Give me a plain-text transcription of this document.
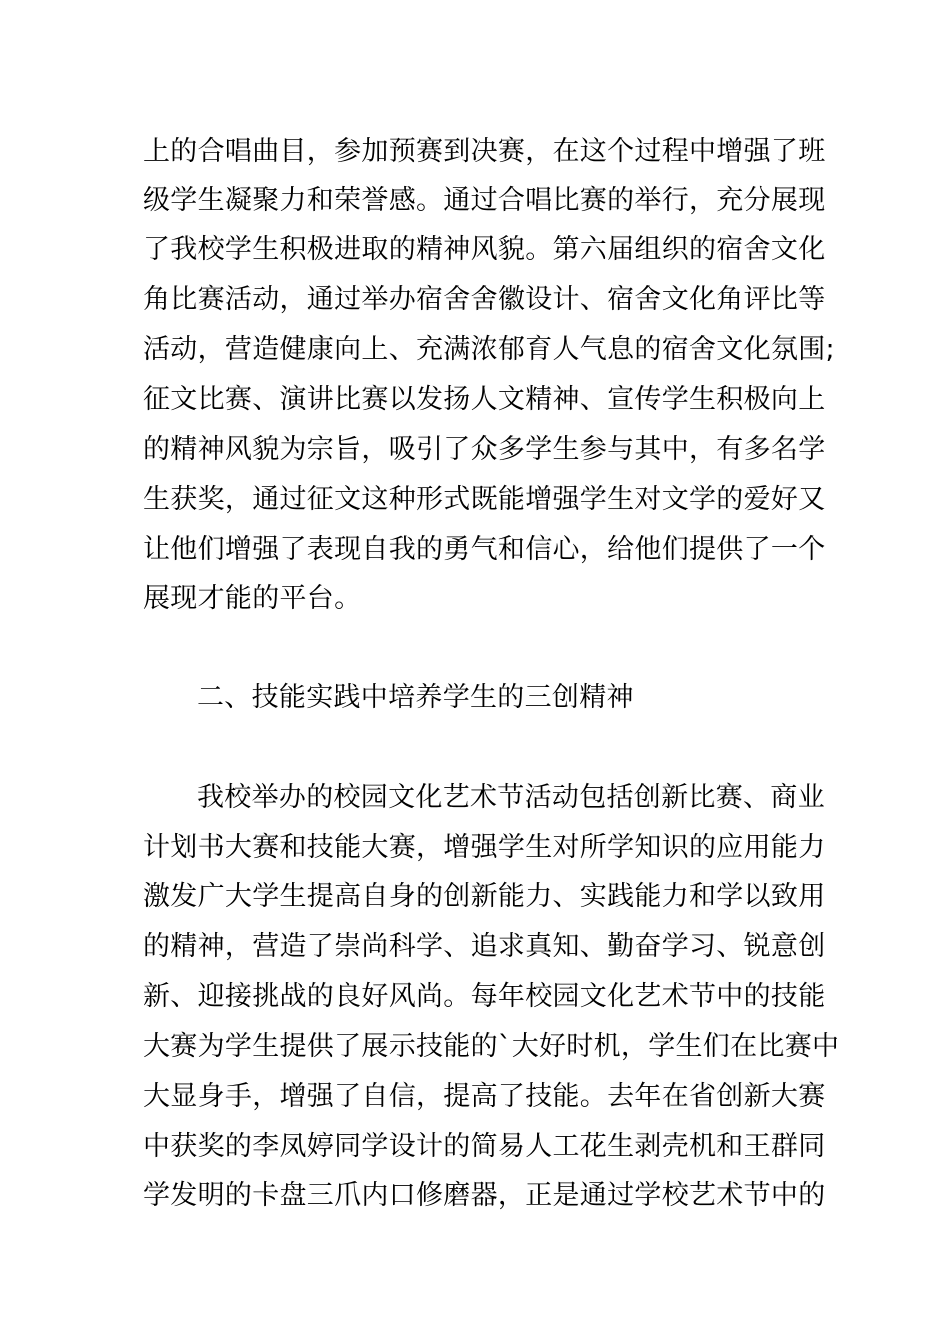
上的合唱曲目，参加预赛到决赛，在这个过程中增强了班
级学生凝聚力和荣誉感。通过合唱比赛的举行，充分展现
了我校学生积极进取的精神风貌。第六届组织的宿舍文化
角比赛活动，通过举办宿舍舍徽设计、宿舍文化角评比等
活动，营造健康向上、充满浓郁育人气息的宿舍文化氛围;
征文比赛、演讲比赛以发扬人文精神、宣传学生积极向上
的精神风貌为宗旨，吸引了众多学生参与其中，有多名学
生获奖，通过征文这种形式既能增强学生对文学的爱好又
让他们增强了表现自我的勇气和信心，给他们提供了一个
展现才能的平台。
二、技能实践中培养学生的三创精神
我校举办的校园文化艺术节活动包括创新比赛、商业
计划书大赛和技能大赛，增强学生对所学知识的应用能力
激发广大学生提高自身的创新能力、实践能力和学以致用
的精神，营造了崇尚科学、追求真知、勤奋学习、锐意创
新、迎接挑战的良好风尚。每年校园文化艺术节中的技能
大赛为学生提供了展示技能的`大好时机，学生们在比赛中
大显身手，增强了自信，提高了技能。去年在省创新大赛
中获奖的李凤婷同学设计的简易人工花生剥壳机和王群同
学发明的卡盘三爪内口修磨器，正是通过学校艺术节中的
